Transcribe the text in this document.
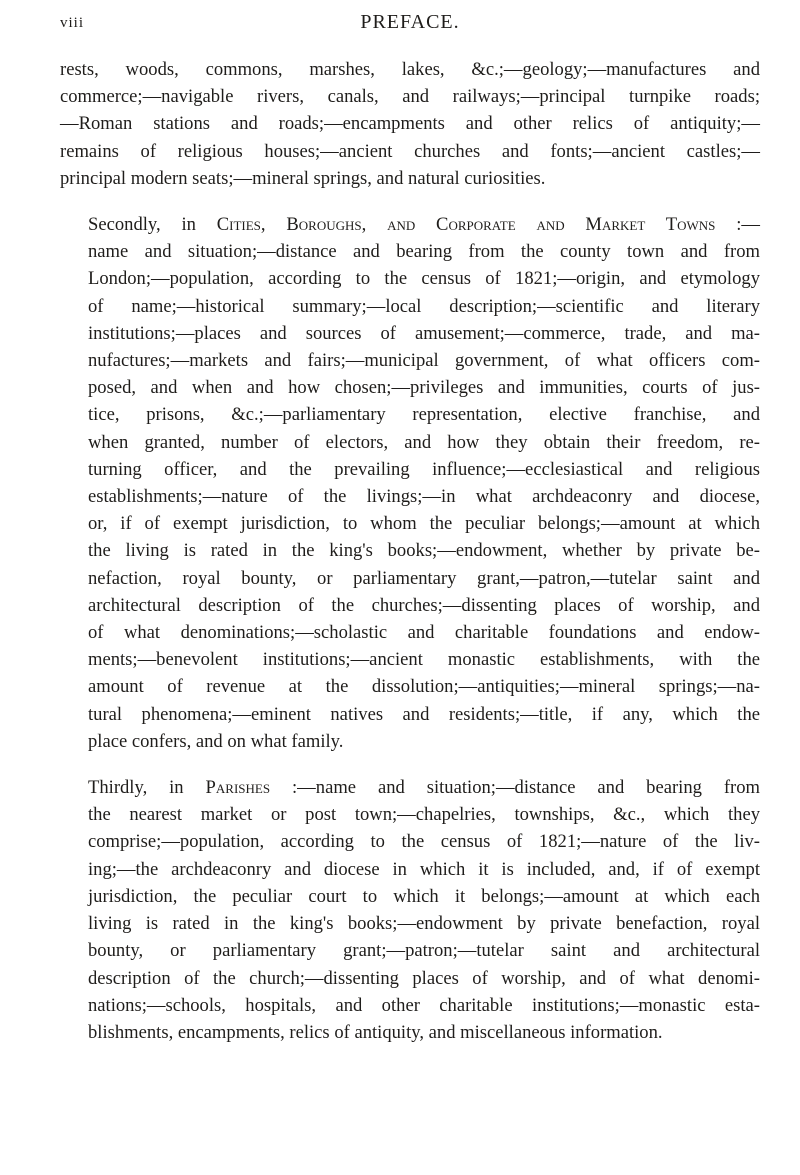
viii	PREFACE.

rests, woods, commons, marshes, lakes, &c.;—geology;—manufactures and
commerce;—navigable rivers, canals, and railways;—principal turnpike roads;
—Roman stations and roads;—encampments and other relics of antiquity;—
remains of religious houses;—ancient churches and fonts;—ancient castles;—
principal modern seats;—mineral springs, and natural curiosities.

Secondly, in Cities, Boroughs, and Corporate and Market Towns :—
name and situation;—distance and bearing from the county town and from
London;—population, according to the census of 1821;—origin, and etymology
of name;—historical summary;—local description;—scientific and literary
institutions;—places and sources of amusement;—commerce, trade, and ma-
nufactures;—markets and fairs;—municipal government, of what officers com-
posed, and when and how chosen;—privileges and immunities, courts of jus-
tice, prisons, &c.;—parliamentary representation, elective franchise, and
when granted, number of electors, and how they obtain their freedom, re-
turning officer, and the prevailing influence;—ecclesiastical and religious
establishments;—nature of the livings;—in what archdeaconry and diocese,
or, if of exempt jurisdiction, to whom the peculiar belongs;—amount at which
the living is rated in the king's books;—endowment, whether by private be-
nefaction, royal bounty, or parliamentary grant,—patron,—tutelar saint and
architectural description of the churches;—dissenting places of worship, and
of what denominations;—scholastic and charitable foundations and endow-
ments;—benevolent institutions;—ancient monastic establishments, with the
amount of revenue at the dissolution;—antiquities;—mineral springs;—na-
tural phenomena;—eminent natives and residents;—title, if any, which the
place confers, and on what family.

Thirdly, in Parishes :—name and situation;—distance and bearing from
the nearest market or post town;—chapelries, townships, &c., which they
comprise;—population, according to the census of 1821;—nature of the liv-
ing;—the archdeaconry and diocese in which it is included, and, if of exempt
jurisdiction, the peculiar court to which it belongs;—amount at which each
living is rated in the king's books;—endowment by private benefaction, royal
bounty, or parliamentary grant;—patron;—tutelar saint and architectural
description of the church;—dissenting places of worship, and of what denomi-
nations;—schools, hospitals, and other charitable institutions;—monastic esta-
blishments, encampments, relics of antiquity, and miscellaneous information.
